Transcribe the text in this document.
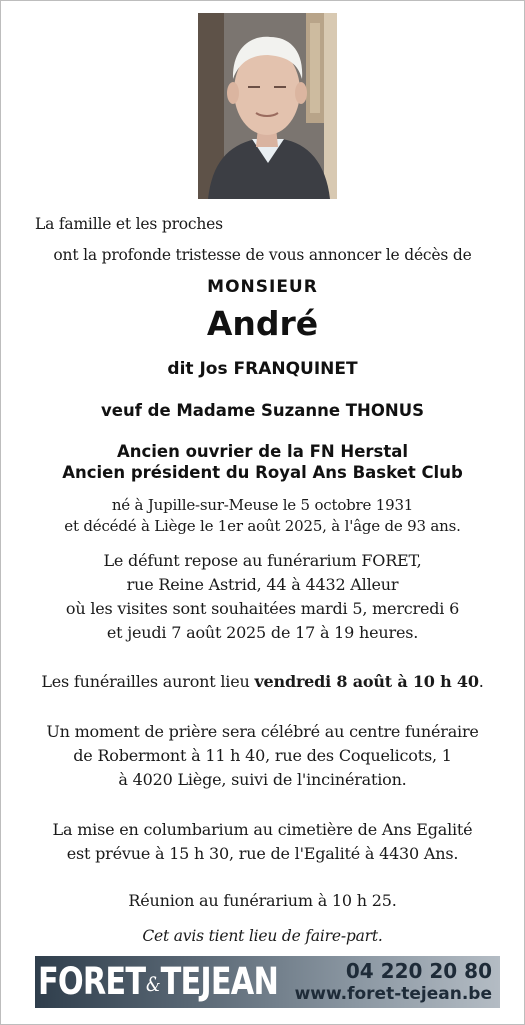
La famille et les proches
ont la profonde tristesse de vous annoncer le décès de
MONSIEUR
André
dit Jos FRANQUINET
veuf de Madame Suzanne THONUS
Ancien ouvrier de la FN Herstal
Ancien président du Royal Ans Basket Club
né à Jupille-sur-Meuse le 5 octobre 1931
et décédé à Liège le 1er août 2025, à l'âge de 93 ans.
Le défunt repose au funérarium FORET,
rue Reine Astrid, 44 à 4432 Alleur
où les visites sont souhaitées mardi 5, mercredi 6
et jeudi 7 août 2025 de 17 à 19 heures.
Les funérailles auront lieu vendredi 8 août à 10 h 40.
Un moment de prière sera célébré au centre funéraire
de Robermont à 11 h 40, rue des Coquelicots, 1
à 4020 Liège, suivi de l'incinération.
La mise en columbarium au cimetière de Ans Egalité
est prévue à 15 h 30, rue de l'Egalité à 4430 Ans.
Réunion au funérarium à 10 h 25.
Cet avis tient lieu de faire-part.
FORET&TEJEAN	04 220 20 80
www.foret-tejean.be
